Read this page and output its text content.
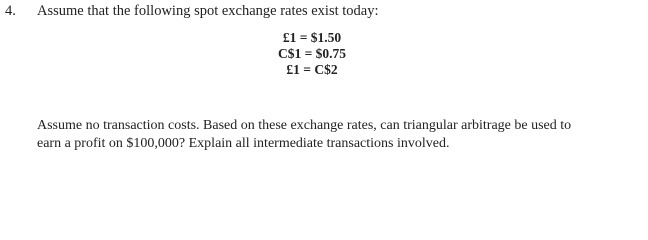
4. Assume that the following spot exchange rates exist today:
£1 = $1.50
C$1 = $0.75
£1 = C$2
Assume no transaction costs. Based on these exchange rates, can triangular arbitrage be used to
earn a profit on $100,000? Explain all intermediate transactions involved.
